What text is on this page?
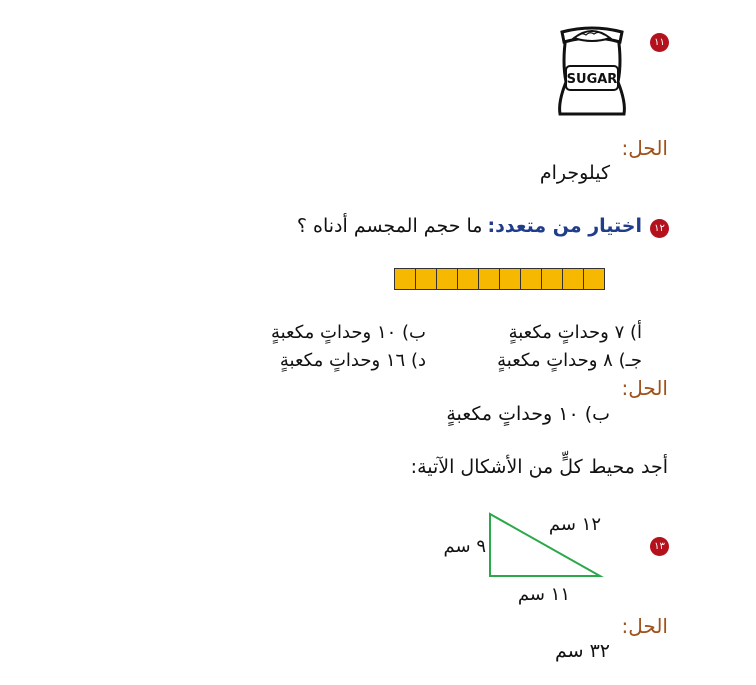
١١
SUGAR
الحل:
كيلوجرام
١٢
اختيار من متعدد: ما حجم المجسم أدناه ؟
أ) ٧ وحداتٍ مكعبةٍ
ب) ١٠ وحداتٍ مكعبةٍ
جـ) ٨ وحداتٍ مكعبةٍ
د) ١٦ وحداتٍ مكعبةٍ
الحل:
ب) ١٠ وحداتٍ مكعبةٍ
أجد محيط كلٍّ من الأشكال الآتية:
١٣
١٢ سم
٩ سم
١١ سم
الحل:
٣٢ سم
